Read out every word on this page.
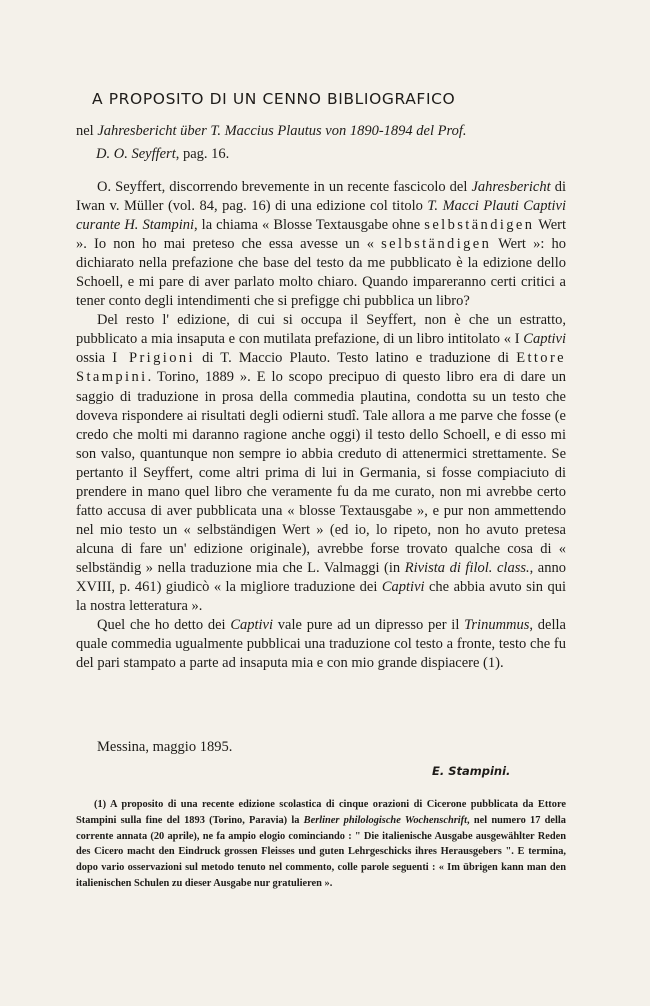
A PROPOSITO DI UN CENNO BIBLIOGRAFICO
nel Jahresbericht über T. Maccius Plautus von 1890-1894 del Prof.
D. O. Seyffert, pag. 16.

O. Seyffert, discorrendo brevemente in un recente fascicolo del Jahresbericht di Iwan v. Müller (vol. 84, pag. 16) di una edizione col titolo T. Macci Plauti Captivi curante H. Stampini, la chiama « Blosse Textausgabe ohne selbständigen Wert ». Io non ho mai preteso che essa avesse un « selbständigen Wert »: ho dichiarato nella prefazione che base del testo da me pubblicato è la edizione dello Schoell, e mi pare di aver parlato molto chiaro. Quando impareranno certi critici a tener conto degli intendimenti che si prefigge chi pubblica un libro?

Del resto l' edizione, di cui si occupa il Seyffert, non è che un estratto, pubblicato a mia insaputa e con mutilata prefazione, di un libro intitolato « I Captivi ossia I Prigioni di T. Maccio Plauto. Testo latino e traduzione di Ettore Stampini. Torino, 1889 ». E lo scopo precipuo di questo libro era di dare un saggio di traduzione in prosa della commedia plautina, condotta su un testo che doveva rispondere ai risultati degli odierni studî. Tale allora a me parve che fosse (e credo che molti mi daranno ragione anche oggi) il testo dello Schoell, e di esso mi son valso, quantunque non sempre io abbia creduto di attenermici strettamente. Se pertanto il Seyffert, come altri prima di lui in Germania, si fosse compiaciuto di prendere in mano quel libro che veramente fu da me curato, non mi avrebbe certo fatto accusa di aver pubblicata una « blosse Textausgabe », e pur non ammettendo nel mio testo un « selbständigen Wert » (ed io, lo ripeto, non ho avuto pretesa alcuna di fare un' edizione originale), avrebbe forse trovato qualche cosa di « selbständig » nella traduzione mia che L. Valmaggi (in Rivista di filol. class., anno XVIII, p. 461) giudicò « la migliore traduzione dei Captivi che abbia avuto sin qui la nostra letteratura ».

Quel che ho detto dei Captivi vale pure ad un dipresso per il Trinummus, della quale commedia ugualmente pubblicai una traduzione col testo a fronte, testo che fu del pari stampato a parte ad insaputa mia e con mio grande dispiacere (1).

Messina, maggio 1895.
E. Stampini.

(1) A proposito di una recente edizione scolastica di cinque orazioni di Cicerone pubblicata da Ettore Stampini sulla fine del 1893 (Torino, Paravia) la Berliner philologische Wochenschrift, nel numero 17 della corrente annata (20 aprile), ne fa ampio elogio cominciando : " Die italienische Ausgabe ausgewählter Reden des Cicero macht den Eindruck grossen Fleisses und guten Lehrgeschicks ihres Herausgebers ". E termina, dopo vario osservazioni sul metodo tenuto nel commento, colle parole seguenti : « Im übrigen kann man den italienischen Schulen zu dieser Ausgabe nur gratulieren ».
